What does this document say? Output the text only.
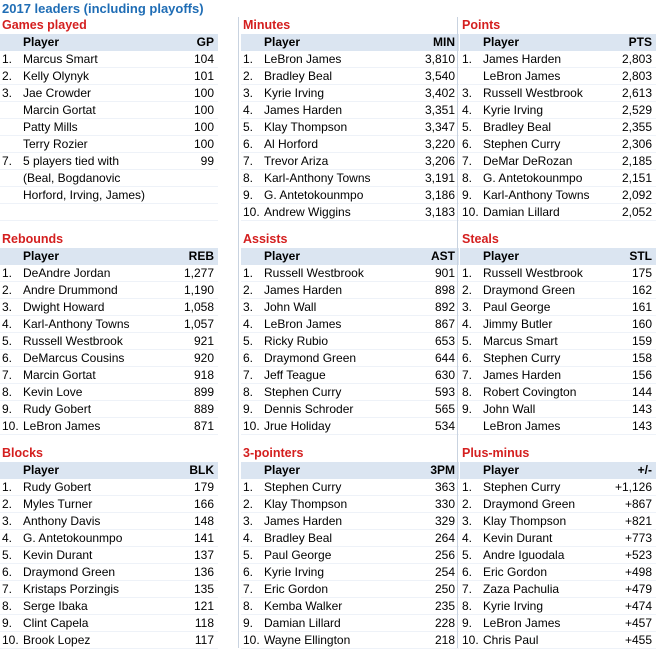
2017 leaders (including playoffs)
Games played
Player	GP
1. Marcus Smart	104
2. Kelly Olynyk	101
3. Jae Crowder	100
Marcin Gortat	100
Patty Mills	100
Terry Rozier	100
7. 5 players tied with	99
(Beal, Bogdanovic
Horford, Irving, James)
Minutes
Player	MIN
1. LeBron James	3,810
2. Bradley Beal	3,540
3. Kyrie Irving	3,402
4. James Harden	3,351
5. Klay Thompson	3,347
6. Al Horford	3,220
7. Trevor Ariza	3,206
8. Karl-Anthony Towns	3,191
9. G. Antetokounmpo	3,186
10. Andrew Wiggins	3,183
Points
Player	PTS
1. James Harden	2,803
LeBron James	2,803
3. Russell Westbrook	2,613
4. Kyrie Irving	2,529
5. Bradley Beal	2,355
6. Stephen Curry	2,306
7. DeMar DeRozan	2,185
8. G. Antetokounmpo	2,151
9. Karl-Anthony Towns	2,092
10. Damian Lillard	2,052
Rebounds
Player	REB
1. DeAndre Jordan	1,277
2. Andre Drummond	1,190
3. Dwight Howard	1,058
4. Karl-Anthony Towns	1,057
5. Russell Westbrook	921
6. DeMarcus Cousins	920
7. Marcin Gortat	918
8. Kevin Love	899
9. Rudy Gobert	889
10. LeBron James	871
Assists
Player	AST
1. Russell Westbrook	901
2. James Harden	898
3. John Wall	892
4. LeBron James	867
5. Ricky Rubio	653
6. Draymond Green	644
7. Jeff Teague	630
8. Stephen Curry	593
9. Dennis Schroder	565
10. Jrue Holiday	534
Steals
Player	STL
1. Russell Westbrook	175
2. Draymond Green	162
3. Paul George	161
4. Jimmy Butler	160
5. Marcus Smart	159
6. Stephen Curry	158
7. James Harden	156
8. Robert Covington	144
9. John Wall	143
LeBron James	143
Blocks
Player	BLK
1. Rudy Gobert	179
2. Myles Turner	166
3. Anthony Davis	148
4. G. Antetokounmpo	141
5. Kevin Durant	137
6. Draymond Green	136
7. Kristaps Porzingis	135
8. Serge Ibaka	121
9. Clint Capela	118
10. Brook Lopez	117
3-pointers
Player	3PM
1. Stephen Curry	363
2. Klay Thompson	330
3. James Harden	329
4. Bradley Beal	264
5. Paul George	256
6. Kyrie Irving	254
7. Eric Gordon	250
8. Kemba Walker	235
9. Damian Lillard	228
10. Wayne Ellington	218
Plus-minus
Player	+/-
1. Stephen Curry	+1,126
2. Draymond Green	+867
3. Klay Thompson	+821
4. Kevin Durant	+773
5. Andre Iguodala	+523
6. Eric Gordon	+498
7. Zaza Pachulia	+479
8. Kyrie Irving	+474
9. LeBron James	+457
10. Chris Paul	+455
